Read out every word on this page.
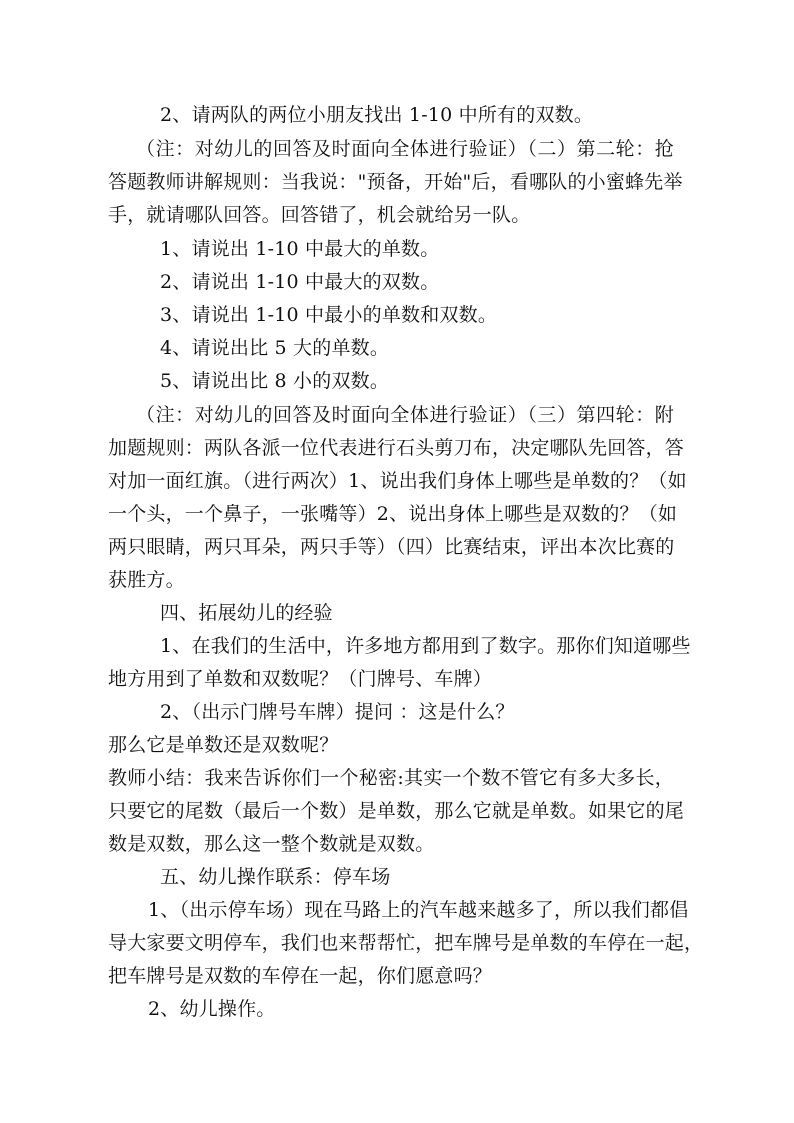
2、请两队的两位小朋友找出 1-10 中所有的双数。
（注：对幼儿的回答及时面向全体进行验证）（二）第二轮：抢
答题教师讲解规则：当我说："预备，开始"后，看哪队的小蜜蜂先举
手，就请哪队回答。回答错了，机会就给另一队。
1、请说出 1-10 中最大的单数。
2、请说出 1-10 中最大的双数。
3、请说出 1-10 中最小的单数和双数。
4、请说出比 5 大的单数。
5、请说出比 8 小的双数。
（注：对幼儿的回答及时面向全体进行验证）（三）第四轮：附
加题规则：两队各派一位代表进行石头剪刀布，决定哪队先回答，答
对加一面红旗。（进行两次）1、说出我们身体上哪些是单数的？（如
一个头，一个鼻子，一张嘴等）2、说出身体上哪些是双数的？（如
两只眼睛，两只耳朵，两只手等）（四）比赛结束，评出本次比赛的
获胜方。
四、拓展幼儿的经验
1、在我们的生活中，许多地方都用到了数字。那你们知道哪些
地方用到了单数和双数呢？（门牌号、车牌）
2、（出示门牌号车牌）提问 ：这是什么？
那么它是单数还是双数呢？
教师小结：我来告诉你们一个秘密:其实一个数不管它有多大多长，
只要它的尾数（最后一个数）是单数，那么它就是单数。如果它的尾
数是双数，那么这一整个数就是双数。
五、幼儿操作联系：停车场
1、（出示停车场）现在马路上的汽车越来越多了，所以我们都倡
导大家要文明停车，我们也来帮帮忙，把车牌号是单数的车停在一起，
把车牌号是双数的车停在一起，你们愿意吗？
2、幼儿操作。
